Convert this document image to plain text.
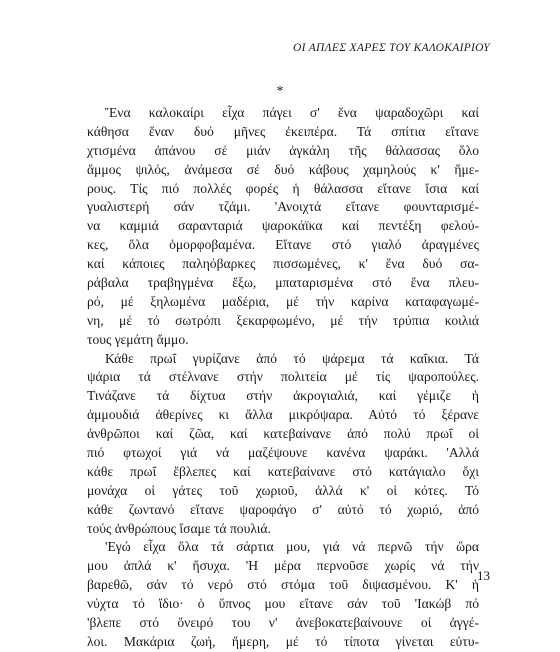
ΟΙ ΑΠΛΕΣ ΧΑΡΕΣ ΤΟΥ ΚΑΛΟΚΑΙΡΙΟΥ
*
Ἕνα καλοκαίρι εἶχα πάγει σ' ἕνα ψαραδοχῶρι καί
κάθησα ἕναν δυό μῆνες ἐκειπέρα. Τά σπίτια εἴτανε
χτισμένα ἀπάνου σέ μιάν ἀγκάλη τῆς θάλασσας ὅλο
ἄμμος ψιλός, ἀνάμεσα σέ δυό κάβους χαμηλούς κ' ἥμε-
ρους. Τίς πιό πολλές φορές ἡ θάλασσα εἴτανε ἴσια καί
γυαλιστερή σάν τζάμι. 'Ανοιχτά εἴτανε φουνταρισμέ-
να καμμιά σαρανταριά ψαροκάϊκα καί πεντέξη φελού-
κες, ὅλα ὁμορφοβαμένα. Εἴτανε στό γιαλό ἀραγμένες
καί κάποιες παληόβαρκες πισσωμένες, κ' ἕνα δυό σα-
ράβαλα τραβηγμένα ἔξω, μπαταρισμένα στό ἕνα πλευ-
ρό, μέ ξηλωμένα μαδέρια, μέ τήν καρίνα καταφαγωμέ-
νη, μέ τό σωτρόπι ξεκαρφωμένο, μέ τήν τρύπια κοιλιά
τους γεμάτη ἄμμο.
Κάθε πρωΐ γυρίζανε ἀπό τό ψάρεμα τά καΐκια. Τά
ψάρια τά στέλνανε στήν πολιτεία μέ τίς ψαροπούλες.
Τινάζανε τά δίχτυα στήν ἀκρογιαλιά, καί γέμιζε ἡ
ἀμμουδιά ἀθερίνες κι ἄλλα μικρόψαρα. Αὐτό τό ξέρανε
ἀνθρῶποι καί ζῶα, καί κατεβαίνανε ἀπό πολύ πρωΐ οἱ
πιό φτωχοί γιά νά μαζέψουνε κανένα ψαράκι. 'Αλλά
κάθε πρωΐ ἔβλεπες καί κατεβαίνανε στό κατάγιαλο ὄχι
μονάχα οἱ γάτες τοῦ χωριοῦ, ἀλλά κ' οἱ κότες. Τό
κάθε ζωντανό εἴτανε ψαροφάγο σ' αὐτό τό χωριό, ἀπό
τούς ἀνθρώπους ἴσαμε τά πουλιά.
'Εγώ εἶχα ὅλα τά σάρτια μου, γιά νά περνῶ τήν ὥρα
μου ἀπλά κ' ἥσυχα. 'Η μέρα περνοῦσε χωρίς νά τήν
βαρεθῶ, σάν τό νερό στό στόμα τοῦ διψασμένου. Κ' ἡ
νύχτα τό ἴδιο· ὁ ὕπνος μου εἴτανε σάν τοῦ 'Ιακώβ πό
'βλεπε στό ὄνειρό του ν' ἀνεβοκατεβαίνουνε οἱ ἀγγέ-
λοι. Μακάρια ζωή, ἥμερη, μέ τό τίποτα γίνεται εὐτυ-
13
